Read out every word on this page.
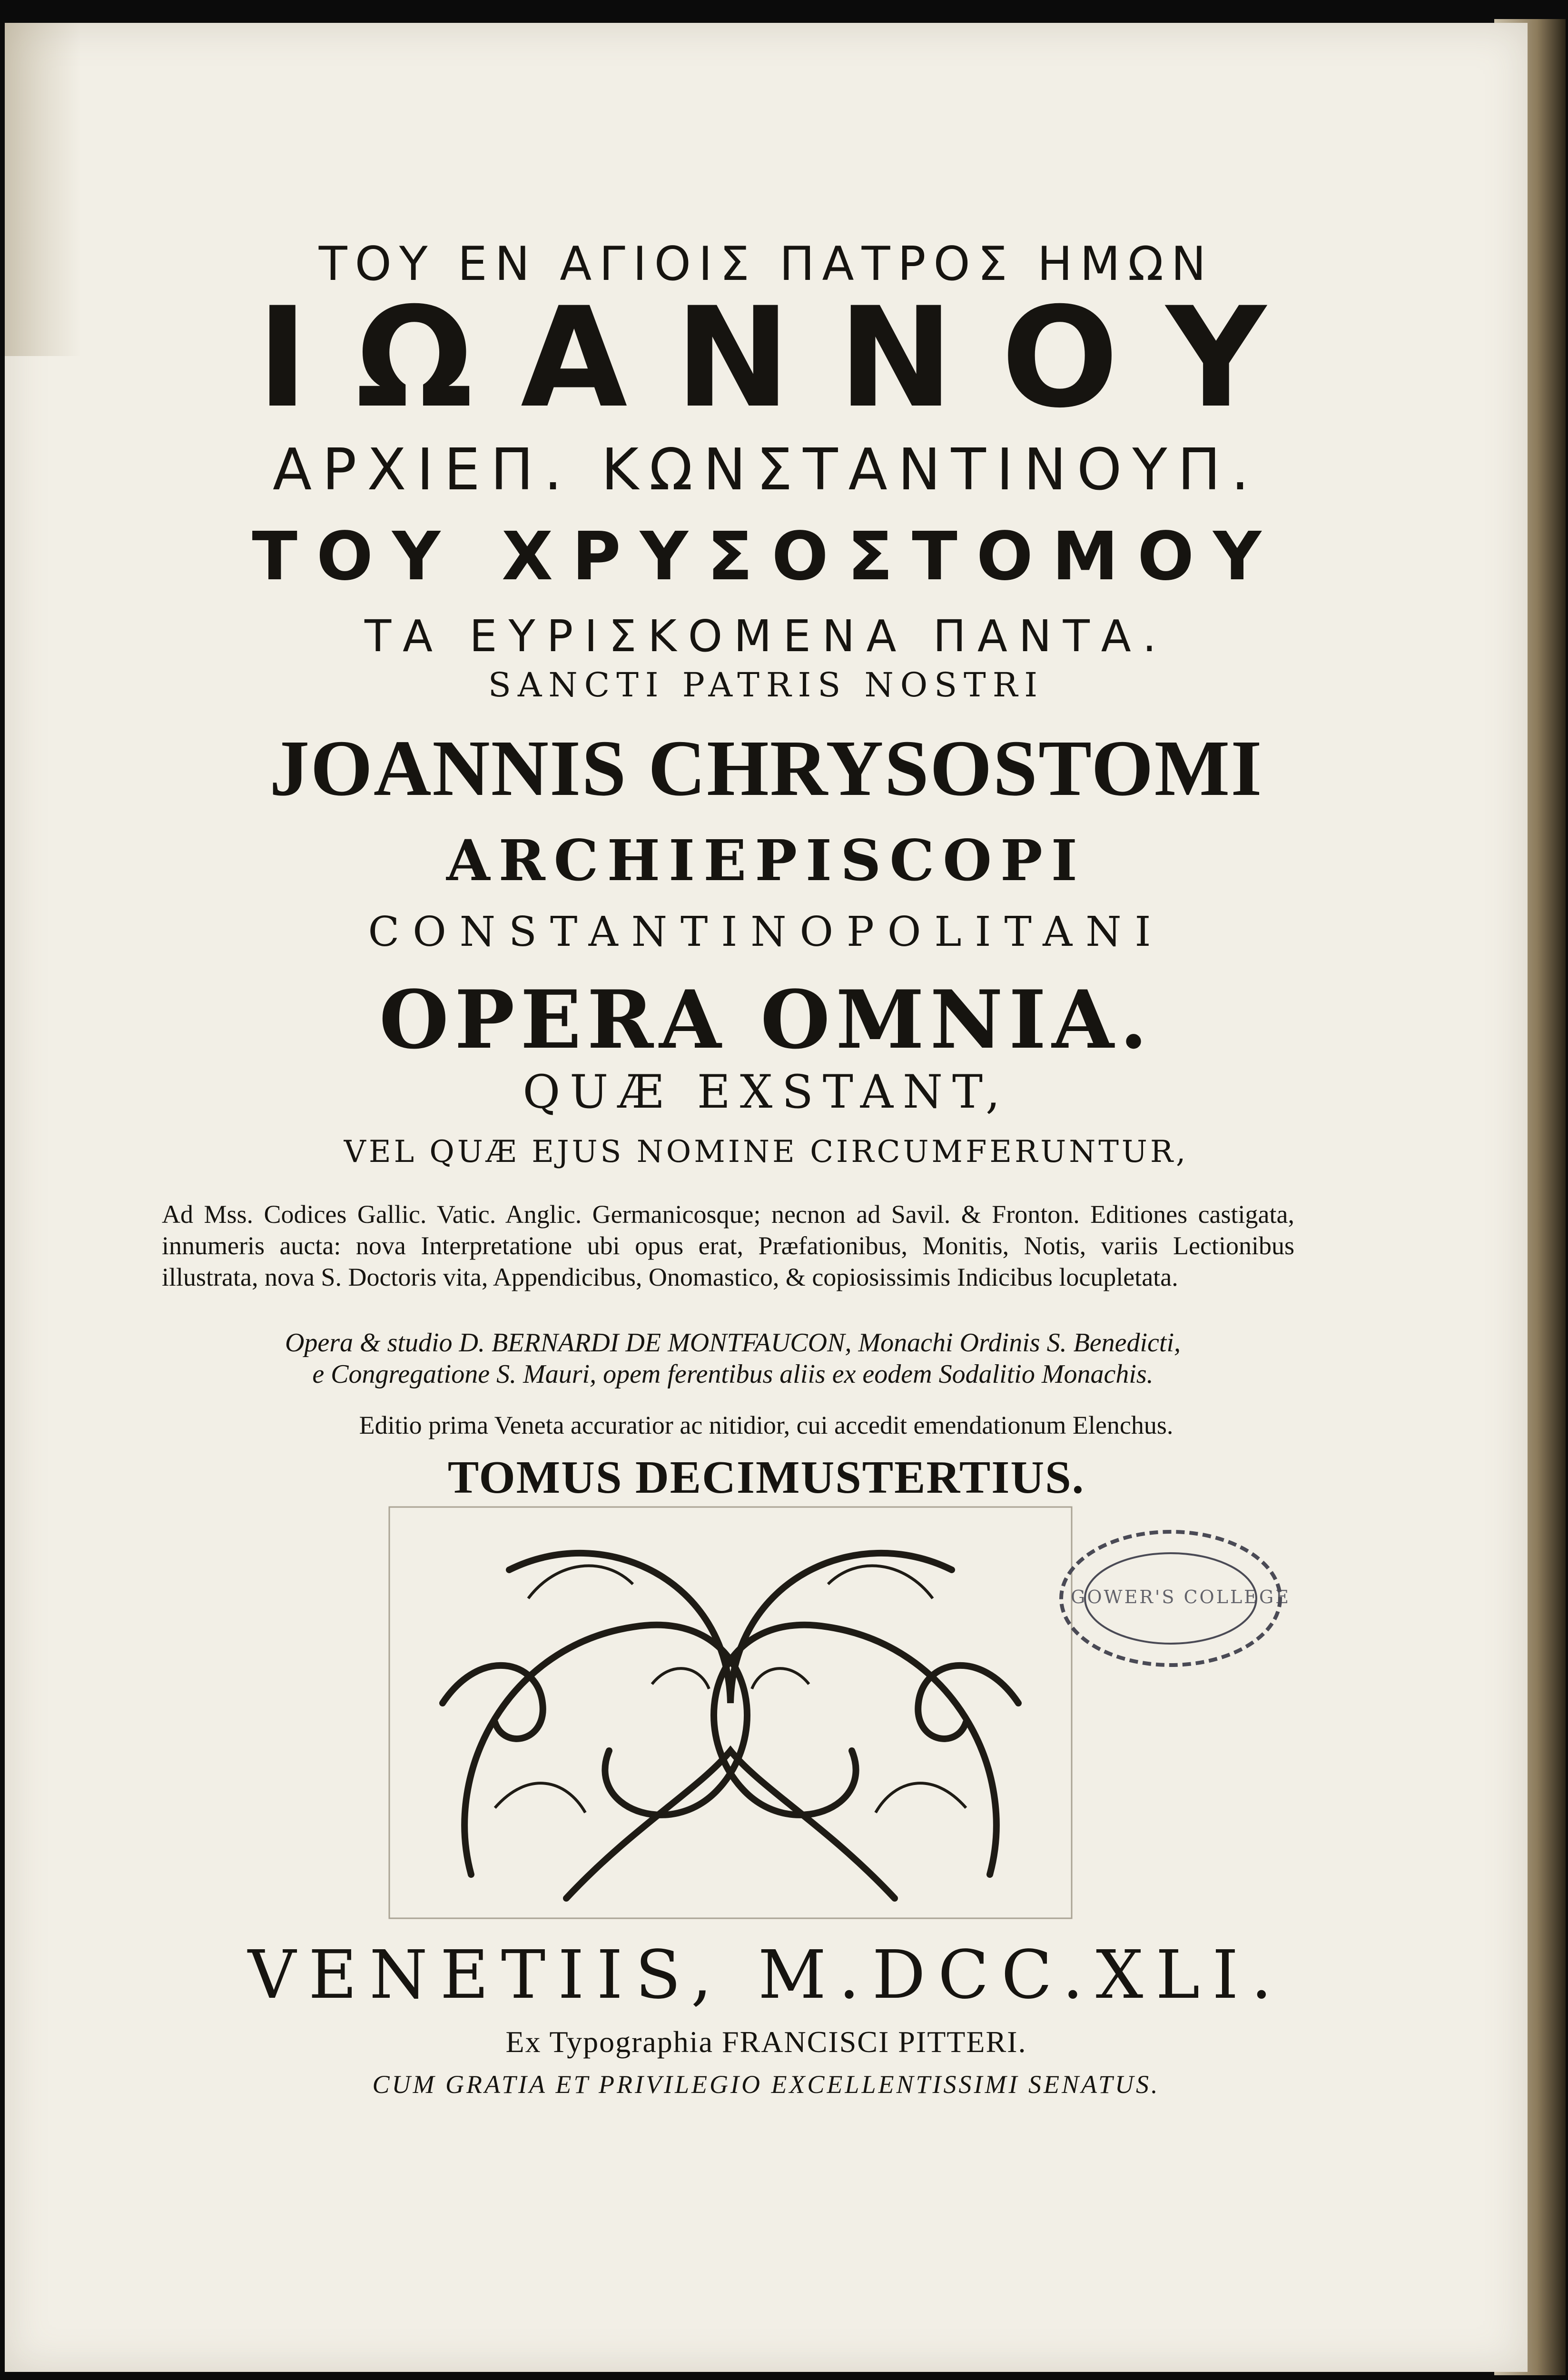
ΤΟΥ ΕΝ ΑΓΙΟΙΣ ΠΑΤΡΟΣ ΗΜΩΝ
ΙΩΑΝΝΟΥ
ΑΡΧΙΕΠ. ΚΩΝΣΤΑΝΤΙΝΟΥΠ.
ΤΟΥ ΧΡΥΣΟΣΤΟΜΟΥ
ΤΑ ΕΥΡΙΣΚΟΜΕΝΑ ΠΑΝΤΑ.
SANCTI PATRIS NOSTRI
JOANNIS CHRYSOSTOMI
ARCHIEPISCOPI
CONSTANTINOPOLITANI
OPERA OMNIA.
QUÆ EXSTANT,
VEL QUÆ EJUS NOMINE CIRCUMFERUNTUR,
Ad Mss. Codices Gallic. Vatic. Anglic. Germanicosque; necnon ad Savil. & Fronton. Editiones castigata, innumeris aucta: nova Interpretatione ubi opus erat, Præfationibus, Monitis, Notis, variis Lectionibus illustrata, nova S. Doctoris vita, Appendicibus, Onomastico, & copiosissimis Indicibus locupletata.
Opera & studio D. BERNARDI DE MONTFAUCON, Monachi Ordinis S. Benedicti,
e Congregatione S. Mauri, opem ferentibus aliis ex eodem Sodalitio Monachis.
Editio prima Veneta accuratior ac nitidior, cui accedit emendationum Elenchus.
TOMUS DECIMUSTERTIUS.
GOWER'S COLLEGE
VENETIIS, M.DCC.XLI.
Ex Typographia FRANCISCI PITTERI.
CUM GRATIA ET PRIVILEGIO EXCELLENTISSIMI SENATUS.
